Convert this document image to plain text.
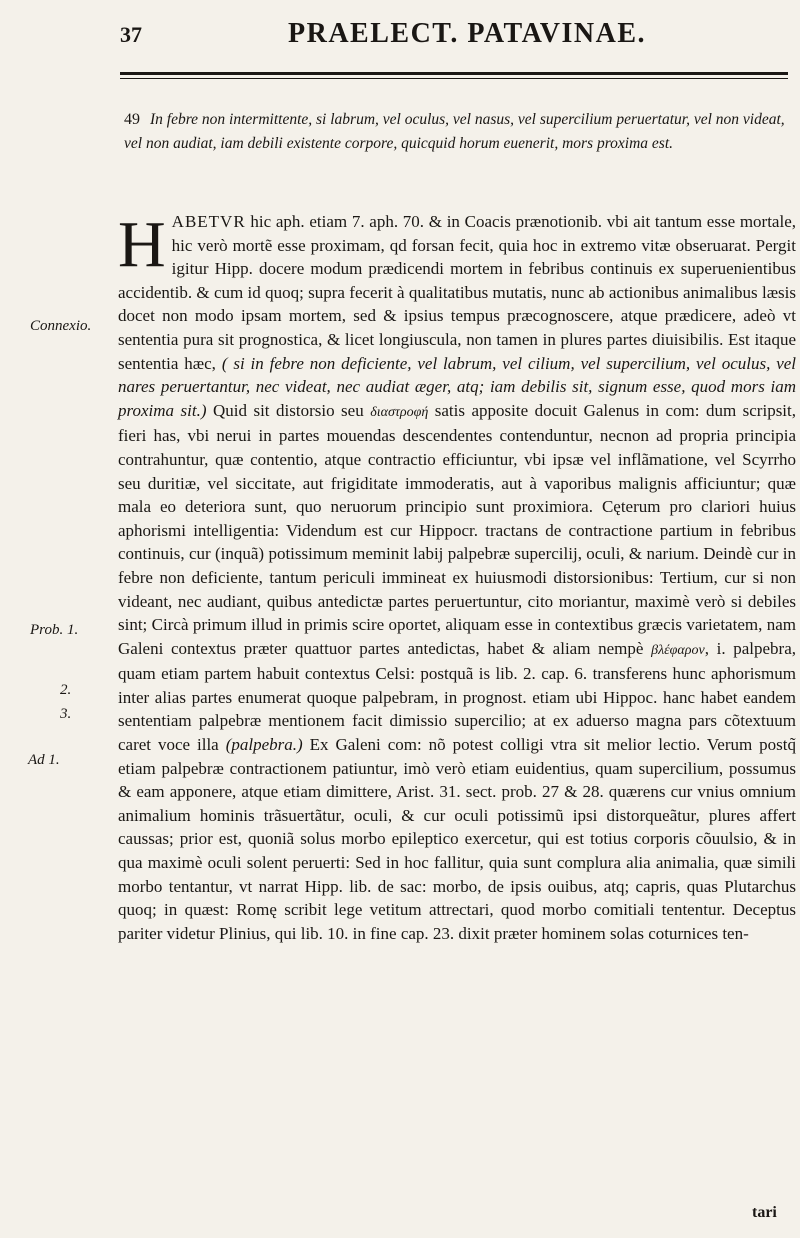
37	PRAELECT. PATAVINAE.
49 In febre non intermittente, si labrum, vel oculus, vel nasus, vel supercilium peruertatur, vel non videat, vel non audiat, iam debili existente corpore, quicquid horum euenerit, mors proxima est.
H ABETVR hic aph. etiam 7. aph. 70. & in Coacis prænotionib. vbi ait tantum esse mortale, hic verò mortẽ esse proximam, qd forsan fecit, quia hoc in extremo vitæ obseruarat. Pergit igitur Hipp. docere modum prædicendi mortem in febribus continuis ex superuenientibus accidentib. & cum id quoq; supra fecerit à qualitatibus mutatis, nunc ab actionibus animalibus læsis docet non modo ipsam mortem, sed & ipsius tempus præcognoscere, atque prædicere, adeò vt sententia pura sit prognostica, & licet longiuscula, non tamen in plures partes diuisibilis. Est itaque sententia hæc, ( si in febre non deficiente, vel labrum, vel cilium, vel supercilium, vel oculus, vel nares peruertantur, nec videat, nec audiat æger, atq; iam debilis sit, signum esse, quod mors iam proxima sit.) Quid sit distorsio seu διαστροφή satis apposite docuit Galenus in com: dum scripsit, fieri has, vbi nerui in partes mouendas descendentes contenduntur, necnon ad propria principia contrahuntur, quæ contentio, atque contractio efficiuntur, vbi ipsæ vel inflãmatione, vel Scyrrho seu duritiæ, vel siccitate, aut frigiditate immoderatis, aut à vaporibus malignis afficiuntur; quæ mala eo deteriora sunt, quo neruorum principio sunt proximiora. Cęterum pro clariori huius aphorismi intelligentia: Videndum est cur Hippocr. tractans de contractione partium in febribus continuis, cur (inquã) potissimum meminit labij palpebræ supercilij, oculi, & narium. Deindè cur in febre non deficiente, tantum periculi immineat ex huiusmodi distorsionibus: Tertium, cur si non videant, nec audiant, quibus antedictæ partes peruertuntur, cito moriantur, maximè verò si debiles sint; Circà primum illud in primis scire oportet, aliquam esse in contextibus græcis varietatem, nam Galeni contextus præter quattuor partes antedictas, habet & aliam nempè βλέφαρον, i. palpebra, quam etiam partem habuit contextus Celsi: postquã is lib. 2. cap. 6. transferens hunc aphorismum inter alias partes enumerat quoque palpebram, in prognost. etiam ubi Hippoc. hanc habet eandem sententiam palpebræ mentionem facit dimissio supercilio; at ex aduerso magna pars cõtextuum caret voce illa (palpebra.) Ex Galeni com: nõ potest colligi vtra sit melior lectio. Verum postq̃ etiam palpebræ contractionem patiuntur, imò verò etiam euidentius, quam supercilium, possumus & eam apponere, atque etiam dimittere, Arist. 31. sect. prob. 27 & 28. quærens cur vnius omnium animalium hominis trãsuertãtur, oculi, & cur oculi potissimũ ipsi distorqueãtur, plures affert caussas; prior est, quoniã solus morbo epileptico exercetur, qui est totius corporis cõuulsio, & in qua maximè oculi solent peruerti: Sed in hoc fallitur, quia sunt complura alia animalia, quæ simili morbo tentantur, vt narrat Hipp. lib. de sac: morbo, de ipsis ouibus, atq; capris, quas Plutarchus quoq; in quæst: Romę scribit lege vetitum attrectari, quod morbo comitiali tententur. Deceptus pariter videtur Plinius, qui lib. 10. in fine cap. 23. dixit præter hominem solas coturnices ten-
Connexio.
Prob. 1.
2.
3.
Ad 1.
tari
